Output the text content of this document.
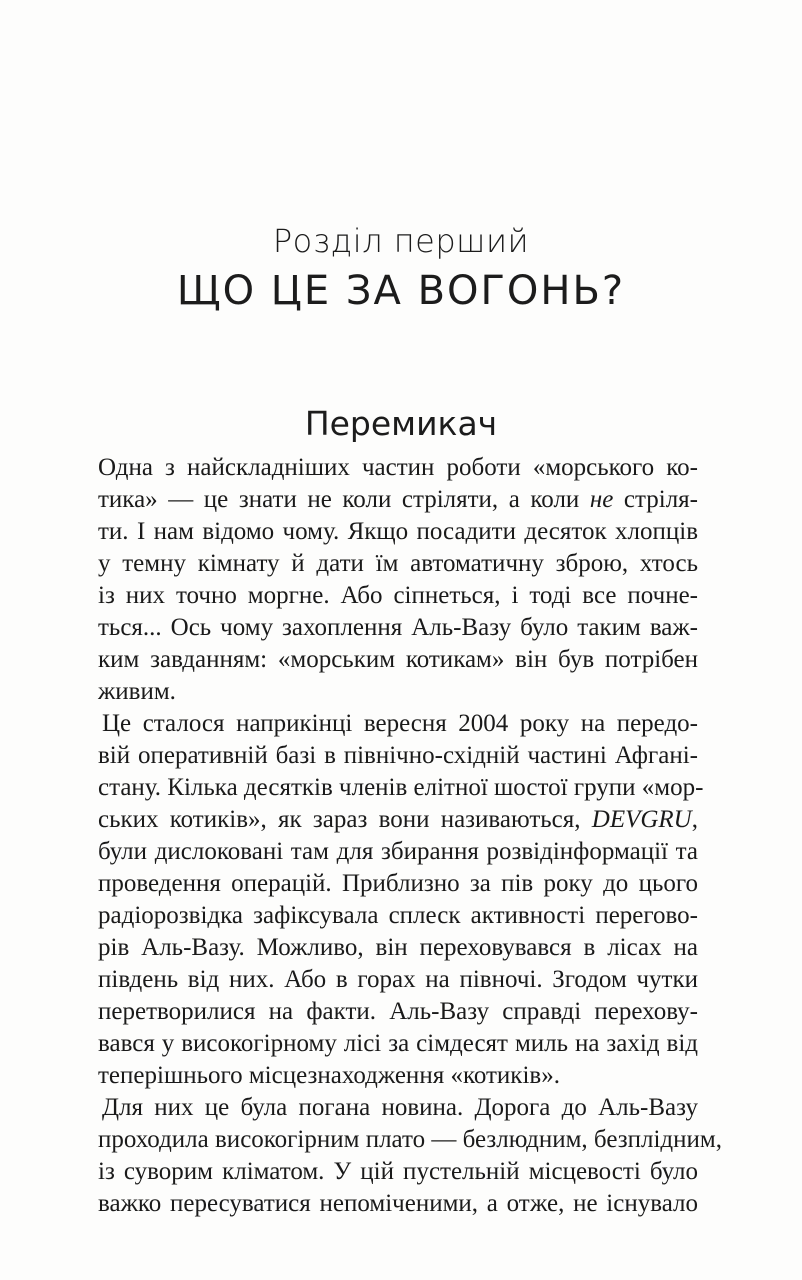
Розділ перший
ЩО ЦЕ ЗА ВОГОНЬ?
Перемикач
Одна з найскладніших частин роботи «морського ко-
тика» — це знати не коли стріляти, а коли не стріля-
ти. І нам відомо чому. Якщо посадити десяток хлопців
у темну кімнату й дати їм автоматичну зброю, хтось
із них точно моргне. Або сіпнеться, і тоді все почне-
ться... Ось чому захоплення Аль-Вазу було таким важ-
ким завданням: «морським котикам» він був потрібен
живим.
Це сталося наприкінці вересня 2004 року на передо-
вій оперативній базі в північно-східній частині Афгані-
стану. Кілька десятків членів елітної шостої групи «мор-
ських котиків», як зараз вони називаються, DEVGRU,
були дислоковані там для збирання розвідінформації та
проведення операцій. Приблизно за пів року до цього
радіорозвідка зафіксувала сплеск активності перегово-
рів Аль-Вазу. Можливо, він переховувався в лісах на
південь від них. Або в горах на півночі. Згодом чутки
перетворилися на факти. Аль-Вазу справді перехову-
вався у високогірному лісі за сімдесят миль на захід від
теперішнього місцезнаходження «котиків».
Для них це була погана новина. Дорога до Аль-Вазу
проходила високогірним плато — безлюдним, безплідним,
із суворим кліматом. У цій пустельній місцевості було
важко пересуватися непоміченими, а отже, не існувало
